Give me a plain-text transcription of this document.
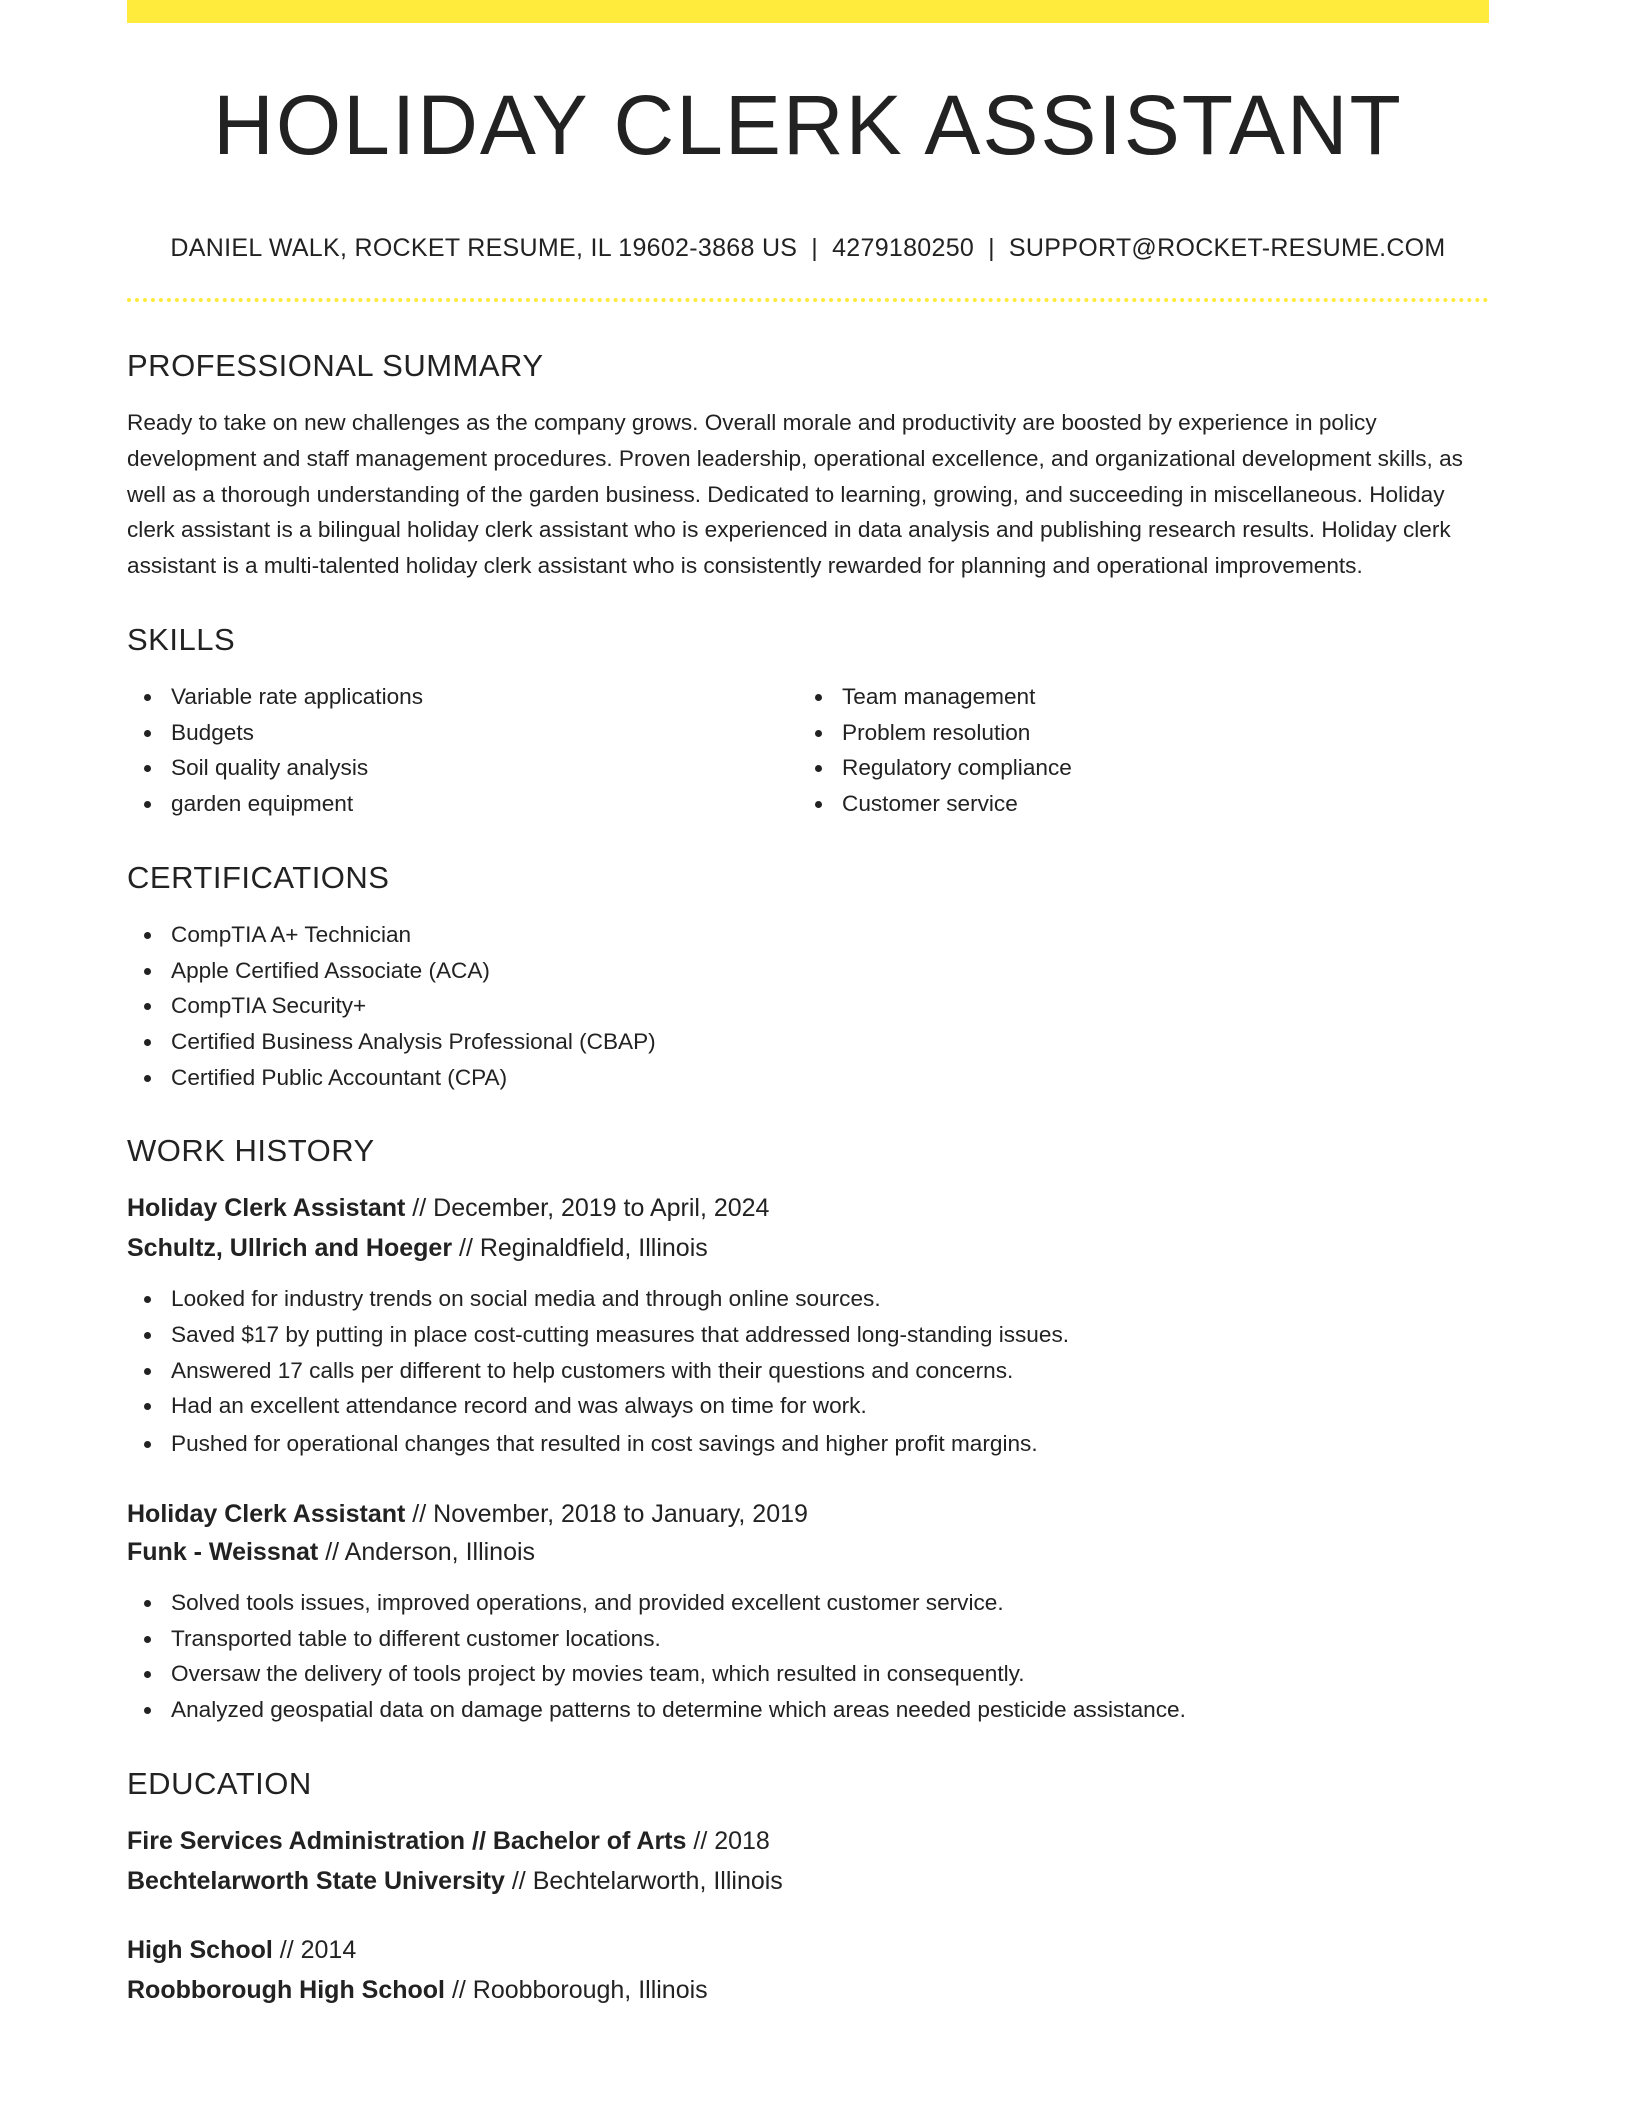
HOLIDAY CLERK ASSISTANT
DANIEL WALK, ROCKET RESUME, IL 19602-3868 US | 4279180250 | SUPPORT@ROCKET-RESUME.COM
PROFESSIONAL SUMMARY
Ready to take on new challenges as the company grows. Overall morale and productivity are boosted by experience in policy development and staff management procedures. Proven leadership, operational excellence, and organizational development skills, as well as a thorough understanding of the garden business. Dedicated to learning, growing, and succeeding in miscellaneous. Holiday clerk assistant is a bilingual holiday clerk assistant who is experienced in data analysis and publishing research results. Holiday clerk assistant is a multi-talented holiday clerk assistant who is consistently rewarded for planning and operational improvements.
SKILLS
Variable rate applications
Budgets
Soil quality analysis
garden equipment
Team management
Problem resolution
Regulatory compliance
Customer service
CERTIFICATIONS
CompTIA A+ Technician
Apple Certified Associate (ACA)
CompTIA Security+
Certified Business Analysis Professional (CBAP)
Certified Public Accountant (CPA)
WORK HISTORY
Holiday Clerk Assistant // December, 2019 to April, 2024
Schultz, Ullrich and Hoeger // Reginaldfield, Illinois
Looked for industry trends on social media and through online sources.
Saved $17 by putting in place cost-cutting measures that addressed long-standing issues.
Answered 17 calls per different to help customers with their questions and concerns.
Had an excellent attendance record and was always on time for work.
Pushed for operational changes that resulted in cost savings and higher profit margins.
Holiday Clerk Assistant // November, 2018 to January, 2019
Funk - Weissnat // Anderson, Illinois
Solved tools issues, improved operations, and provided excellent customer service.
Transported table to different customer locations.
Oversaw the delivery of tools project by movies team, which resulted in consequently.
Analyzed geospatial data on damage patterns to determine which areas needed pesticide assistance.
EDUCATION
Fire Services Administration // Bachelor of Arts // 2018
Bechtelarworth State University // Bechtelarworth, Illinois
High School // 2014
Roobborough High School // Roobborough, Illinois
